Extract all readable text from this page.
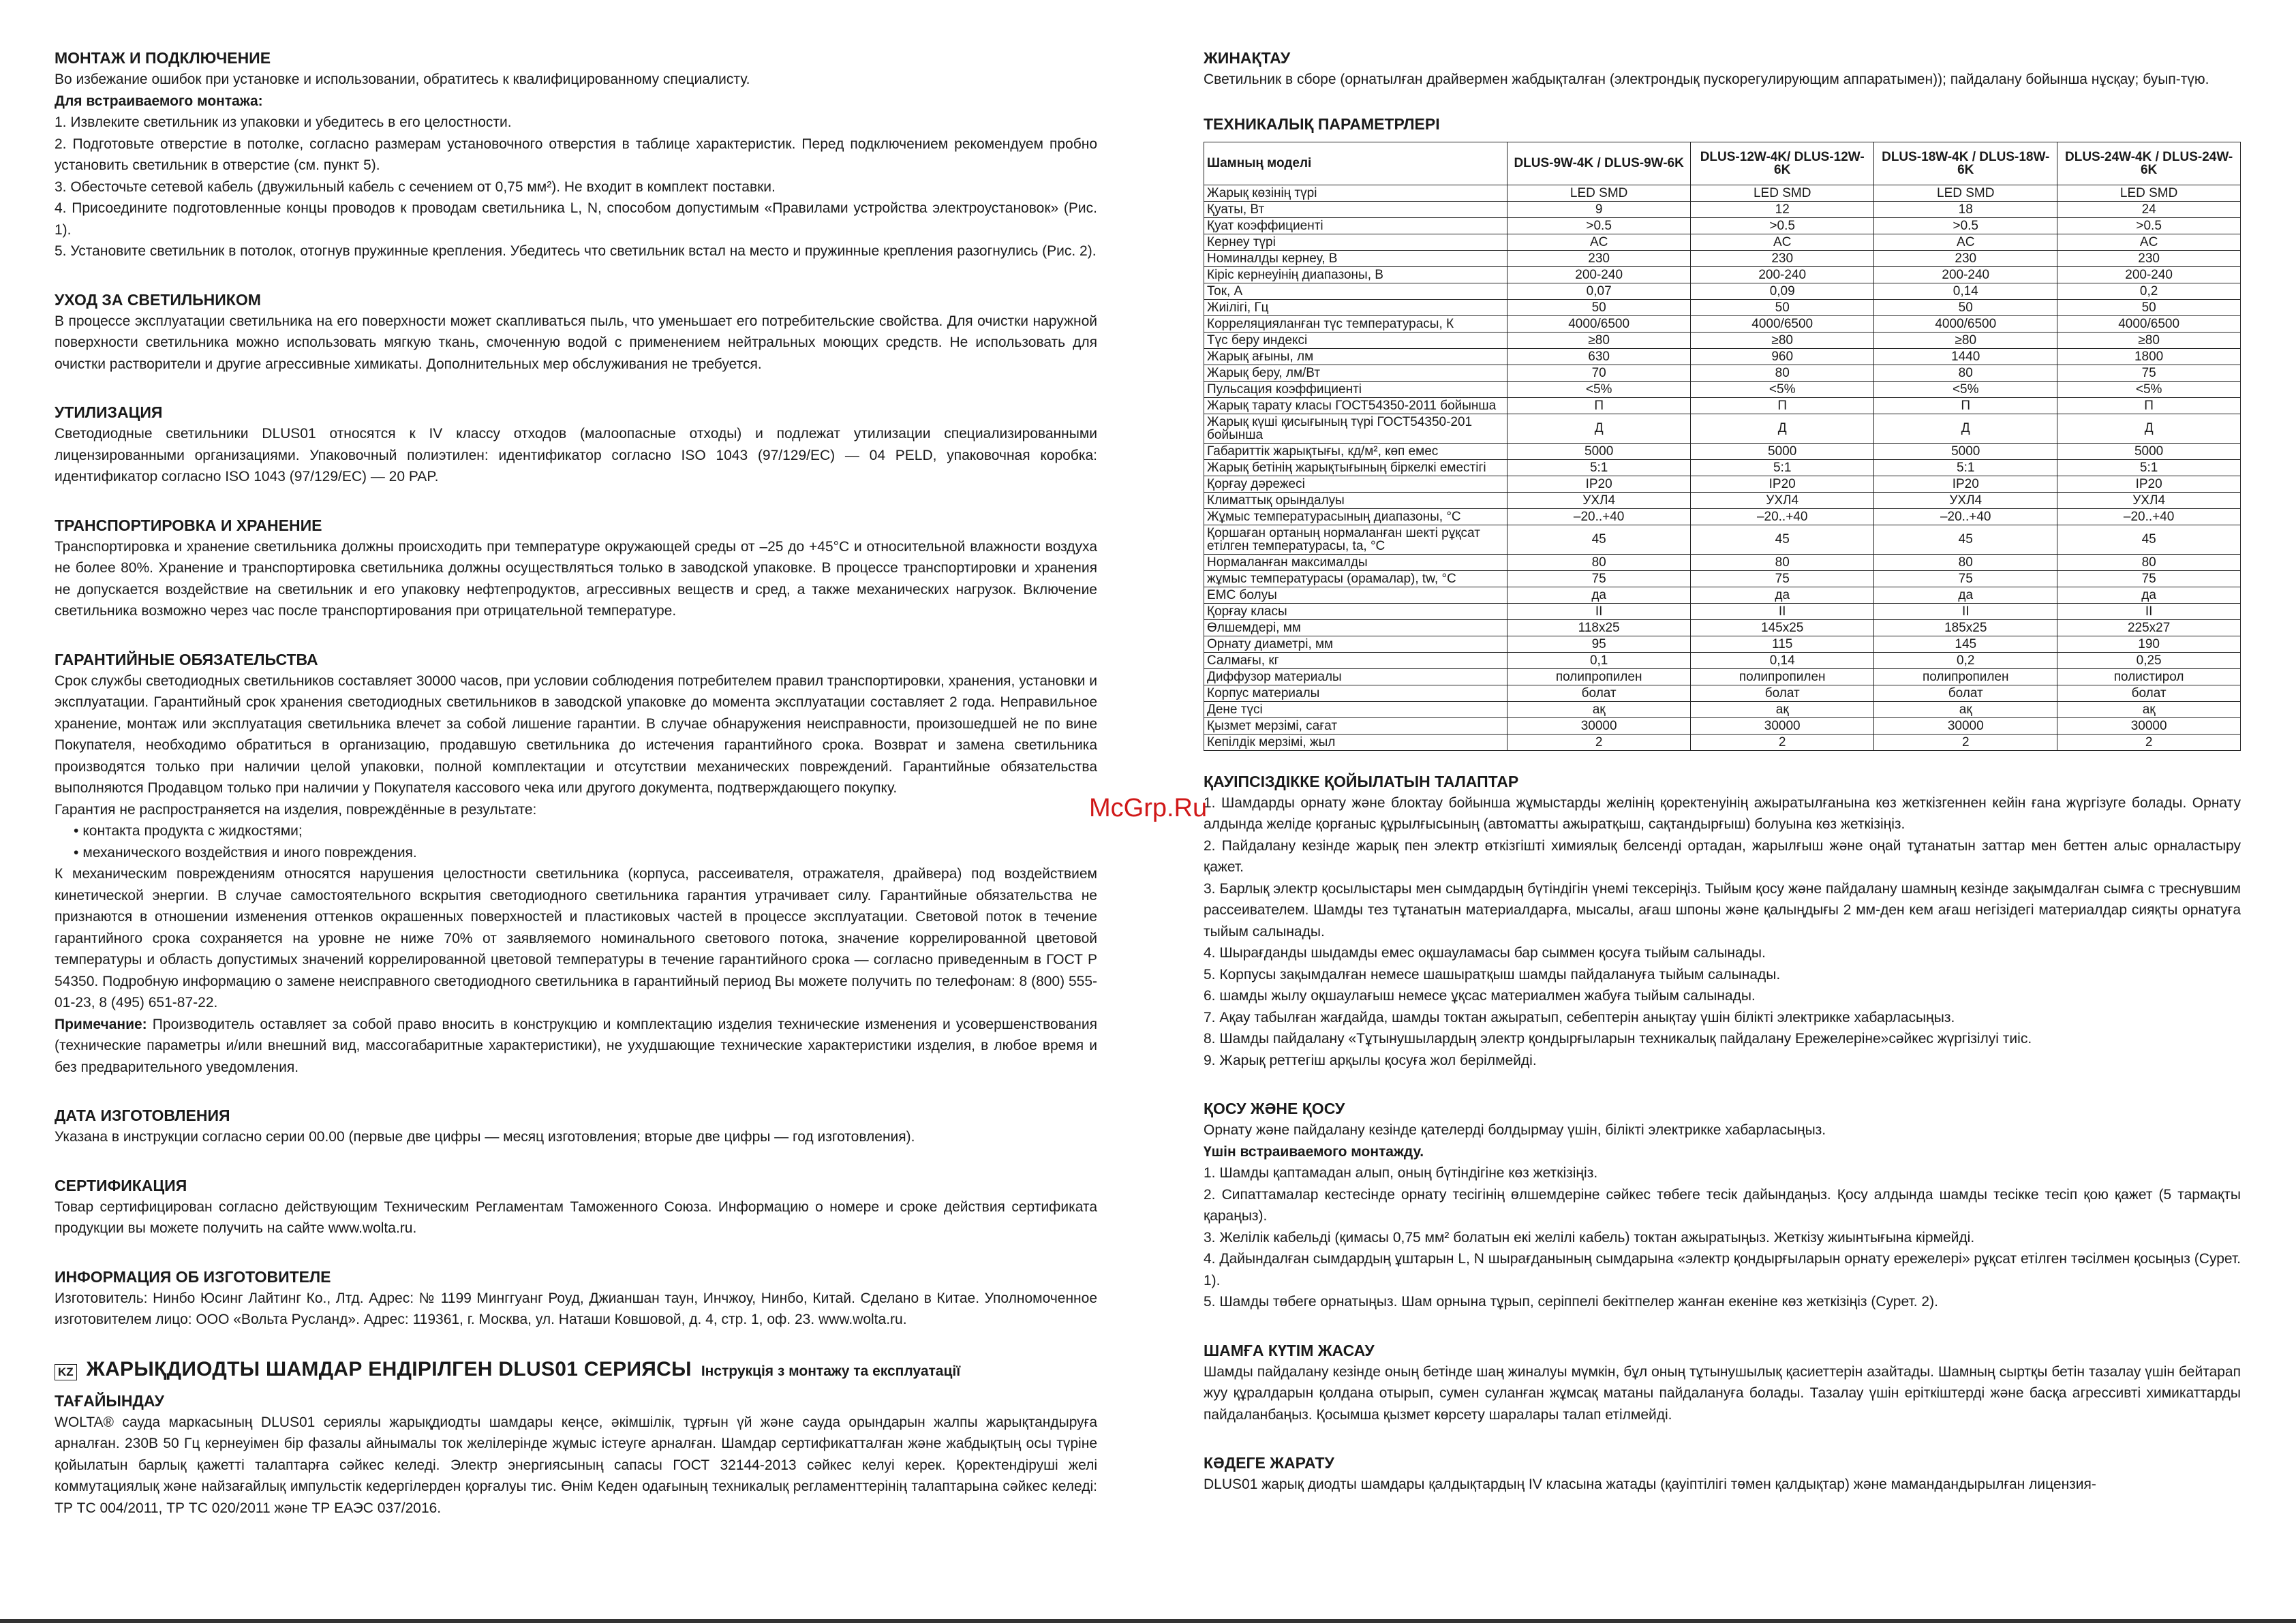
МОНТАЖ И ПОДКЛЮЧЕНИЕ

Во избежание ошибок при установке и использовании, обратитесь к квалифицированному специалисту.

Для встраиваемого монтажа:

1. Извлеките светильник из упаковки и убедитесь в его целостности.

2. Подготовьте отверстие в потолке, согласно размерам установочного отверстия в таблице характеристик. Перед подключением рекомендуем пробно установить светильник в отверстие (см. пункт 5).

3. Обесточьте сетевой кабель (двужильный кабель с сечением от 0,75 мм²). Не входит в комплект поставки.

4. Присоедините подготовленные концы проводов к проводам светильника L, N, способом допустимым «Правилами устройства электроустановок» (Рис. 1).

5. Установите светильник в потолок, отогнув пружинные крепления. Убедитесь что светильник встал на место и пружинные крепления разогнулись (Рис. 2).

УХОД ЗА СВЕТИЛЬНИКОМ

В процессе эксплуатации светильника на его поверхности может скапливаться пыль, что уменьшает его потребительские свойства. Для очистки наружной поверхности светильника можно использовать мягкую ткань, смоченную водой с применением нейтральных моющих средств. Не использовать для очистки растворители и другие агрессивные химикаты. Дополнительных мер обслуживания не требуется.

УТИЛИЗАЦИЯ

Светодиодные светильники DLUS01 относятся к IV классу отходов (малоопасные отходы) и подлежат утилизации специализированными лицензированными организациями. Упаковочный полиэтилен: идентификатор согласно ISO 1043 (97/129/EC) — 04 PELD, упаковочная коробка: идентификатор согласно ISO 1043 (97/129/EC) — 20 PAP.

ТРАНСПОРТИРОВКА И ХРАНЕНИЕ

Транспортировка и хранение светильника должны происходить при температуре окружающей среды от –25 до +45°C и относительной влажности воздуха не более 80%. Хранение и транспортировка светильника должны осуществляться только в заводской упаковке. В процессе транспортировки и хранения не допускается воздействие на светильник и его упаковку нефтепродуктов, агрессивных веществ и сред, а также механических нагрузок. Включение светильника возможно через час после транспортирования при отрицательной температуре.

ГАРАНТИЙНЫЕ ОБЯЗАТЕЛЬСТВА

Срок службы светодиодных светильников составляет 30000 часов, при условии соблюдения потребителем правил транспортировки, хранения, установки и эксплуатации. Гарантийный срок хранения светодиодных светильников в заводской упаковке до момента эксплуатации составляет 2 года. Неправильное хранение, монтаж или эксплуатация светильника влечет за собой лишение гарантии. В случае обнаружения неисправности, произошедшей не по вине Покупателя, необходимо обратиться в организацию, продавшую светильника до истечения гарантийного срока. Возврат и замена светильника производятся только при наличии целой упаковки, полной комплектации и отсутствии механических повреждений. Гарантийные обязательства выполняются Продавцом только при наличии у Покупателя кассового чека или другого документа, подтверждающего покупку.

Гарантия не распространяется на изделия, повреждённые в результате:

• контакта продукта с жидкостями;

• механического воздействия и иного повреждения.

К механическим повреждениям относятся нарушения целостности светильника (корпуса, рассеивателя, отражателя, драйвера) под воздействием кинетической энергии. В случае самостоятельного вскрытия светодиодного светильника гарантия утрачивает силу. Гарантийные обязательства не признаются в отношении изменения оттенков окрашенных поверхностей и пластиковых частей в процессе эксплуатации. Световой поток в течение гарантийного срока сохраняется на уровне не ниже 70% от заявляемого номинального светового потока, значение коррелированной цветовой температуры и область допустимых значений коррелированной цветовой температуры в течение гарантийного срока — согласно приведенным в ГОСТ Р 54350. Подробную информацию о замене неисправного светодиодного светильника в гарантийный период Вы можете получить по телефонам: 8 (800) 555-01-23, 8 (495) 651-87-22.

Примечание: Производитель оставляет за собой право вносить в конструкцию и комплектацию изделия технические изменения и усовершенствования (технические параметры и/или внешний вид, массогабаритные характеристики), не ухудшающие технические характеристики изделия, в любое время и без предварительного уведомления.

ДАТА ИЗГОТОВЛЕНИЯ

Указана в инструкции согласно серии 00.00 (первые две цифры — месяц изготовления; вторые две цифры — год изготовления).

СЕРТИФИКАЦИЯ

Товар сертифицирован согласно действующим Техническим Регламентам Таможенного Союза. Информацию о номере и сроке действия сертификата продукции вы можете получить на сайте www.wolta.ru.

ИНФОРМАЦИЯ ОБ ИЗГОТОВИТЕЛЕ

Изготовитель: Нинбо Юсинг Лайтинг Ко., Лтд. Адрес: № 1199 Минггуанг Роуд, Джианшан таун, Инчжоу, Нинбо, Китай. Сделано в Китае. Уполномоченное изготовителем лицо: ООО «Вольта Руcланд». Адрес: 119361, г. Москва, ул. Наташи Ковшовой, д. 4, стр. 1, оф. 23. www.wolta.ru.

KZ ЖАРЫҚДИОДТЫ ШАМДАР ЕНДІРІЛГЕН DLUS01 СЕРИЯСЫ Інструкція з монтажу та експлуатації

ТАҒАЙЫНДАУ

WOLTA® сауда маркасының DLUS01 сериялы жарықдиодты шамдары кеңсе, әкімшілік, тұрғын үй және сауда орындарын жалпы жарықтандыруға арналған. 230В 50 Гц кернеуімен бір фазалы айнымалы ток желілерінде жұмыс істеуге арналған. Шамдар сертификатталған және жабдықтың осы түріне қойылатын барлық қажетті талаптарға сәйкес келеді. Электр энергиясының сапасы ГОСТ 32144-2013 сәйкес келуі керек. Қоректендіруші желі коммутациялық және найзағайлық импульстік кедергілерден қорғалуы тис. Өнім Кеден одағының техникалық регламенттерінің талаптарына сәйкес келеді: ТР ТС 004/2011, ТР ТС 020/2011 және ТР ЕАЭС 037/2016.

ЖИНАҚТАУ

Светильник в сборе (орнатылған драйвермен жабдықталған (электрондық пускорегулирующим аппаратымен)); пайдалану бойынша нұсқау; буып-түю.

ТЕХНИКАЛЫҚ ПАРАМЕТРЛЕРІ

Шамның моделі	DLUS-9W-4K / DLUS-9W-6K	DLUS-12W-4K/ DLUS-12W-6K	DLUS-18W-4K / DLUS-18W-6K	DLUS-24W-4K / DLUS-24W-6K
Жарық көзінің түрі	LED SMD	LED SMD	LED SMD	LED SMD
Қуаты, Вт	9	12	18	24
Қуат коэффициенті	>0.5	>0.5	>0.5	>0.5
Кернеу түрі	AC	AC	AC	AC
Номиналды кернеу, В	230	230	230	230
Кіріс кернеуінің диапазоны, В	200-240	200-240	200-240	200-240
Ток, А	0,07	0,09	0,14	0,2
Жиілігі, Гц	50	50	50	50
Корреляцияланған түс температурасы, К	4000/6500	4000/6500	4000/6500	4000/6500
Түс беру индексі	≥80	≥80	≥80	≥80
Жарық ағыны, лм	630	960	1440	1800
Жарық беру, лм/Вт	70	80	80	75
Пульсация коэффициенті	<5%	<5%	<5%	<5%
Жарық тарату класы ГОСТ54350-2011 бойынша	П	П	П	П
Жарық күші қисығының түрі ГОСТ54350-201 бойынша	Д	Д	Д	Д
Габариттік жарықтығы, кд/м², көп емес	5000	5000	5000	5000
Жарық бетінің жарықтығының біркелкі еместігі	5:1	5:1	5:1	5:1
Қорғау дәрежесі	IP20	IP20	IP20	IP20
Климаттық орындалуы	УХЛ4	УХЛ4	УХЛ4	УХЛ4
Жұмыс температурасының диапазоны, °С	–20..+40	–20..+40	–20..+40	–20..+40
Қоршаған ортаның нормаланған шекті рұқсат етілген температурасы, ta, °С	45	45	45	45
Нормаланған максималды	80	80	80	80
жұмыс температурасы (орамалар), tw, °С	75	75	75	75
ЕМС болуы	да	да	да	да
Қорғау класы	II	II	II	II
Өлшемдері, мм	118x25	145x25	185x25	225x27
Орнату диаметрі, мм	95	115	145	190
Салмағы, кг	0,1	0,14	0,2	0,25
Диффузор материалы	полипропилен	полипропилен	полипропилен	полистирол
Корпус материалы	болат	болат	болат	болат
Дене түсі	ақ	ақ	ақ	ақ
Қызмет мерзімі, сағат	30000	30000	30000	30000
Кепілдік мерзімі, жыл	2	2	2	2

ҚАУІПСІЗДІККЕ ҚОЙЫЛАТЫН ТАЛАПТАР

1. Шамдарды орнату және блоктау бойынша жұмыстарды желінің қоректенуінің ажыратылғанына көз жеткізгеннен кейін ғана жүргізуге болады. Орнату алдында желіде қорғаныс құрылғысының (автоматты ажыратқыш, сақтандырғыш) болуына көз жеткізіңіз.

2. Пайдалану кезінде жарық пен электр өткізгішті химиялық белсенді ортадан, жарылғыш және оңай тұтанатын заттар мен беттен алыс орналастыру қажет.

3. Барлық электр қосылыстары мен сымдардың бүтіндігін үнемі тексеріңіз. Тыйым қосу және пайдалану шамның кезінде зақымдалған сымға с треснувшим рассеивателем. Шамды тез тұтанатын материалдарға, мысалы, ағаш шпоны және қалыңдығы 2 мм-ден кем ағаш негізідегі материалдар сияқты орнатуға тыйым салынады.

4. Шырағданды шыдамды емес оқшауламасы бар сыммен қосуға тыйым салынады.

5. Корпусы зақымдалған немесе шашыратқыш шамды пайдалануға тыйым салынады.

6. шамды жылу оқшаулағыш немесе ұқсас материалмен жабуға тыйым салынады.

7. Ақау табылған жағдайда, шамды токтан ажыратып, себептерін анықтау үшін білікті электрикке хабарласыңыз.

8. Шамды пайдалану «Тұтынушылардың электр қондырғыларын техникалық пайдалану Ережелеріне»сәйкес жүргізілуі тиіс.

9. Жарық реттегіш арқылы қосуға жол берілмейді.

ҚОСУ ЖӘНЕ ҚОСУ

Орнату және пайдалану кезінде қателерді болдырмау үшін, білікті электрикке хабарласыңыз.

Үшін встраиваемого монтажду.

1. Шамды қаптамадан алып, оның бүтіндігіне көз жеткізіңіз.

2. Сипаттамалар кестесінде орнату тесігінің өлшемдеріне сәйкес төбеге тесік дайындаңыз. Қосу алдында шамды тесікке тесіп қою қажет (5 тармақты қараңыз).

3. Желілік кабельді (қимасы 0,75 мм² болатын екі желілі кабель) токтан ажыратыңыз. Жеткізу жиынтығына кірмейді.

4. Дайындалған сымдардың ұштарын L, N шырағданының сымдарына «электр қондырғыларын орнату ережелері» рұқсат етілген тәсілмен қосыңыз (Сурет. 1).

5. Шамды төбеге орнатыңыз. Шам орнына тұрып, серіппелі бекітпелер жанған екеніне көз жеткізіңіз (Сурет. 2).

ШАМҒА КҮТІМ ЖАСАУ

Шамды пайдалану кезінде оның бетінде шаң жиналуы мүмкін, бұл оның тұтынушылық қасиеттерін азайтады. Шамның сыртқы бетін тазалау үшін бейтарап жуу құралдарын қолдана отырып, сумен суланған жұмсақ матаны пайдалануға болады. Тазалау үшін еріткіштерді және басқа агрессивті химикаттарды пайдаланбаңыз. Қосымша қызмет көрсету шаралары талап етілмейді.

КӘДЕГЕ ЖАРАТУ

DLUS01 жарық диодты шамдары қалдықтардың IV класына жатады (қауіптілігі төмен қалдықтар) және мамандандырылған лицензия-

McGrp.Ru
